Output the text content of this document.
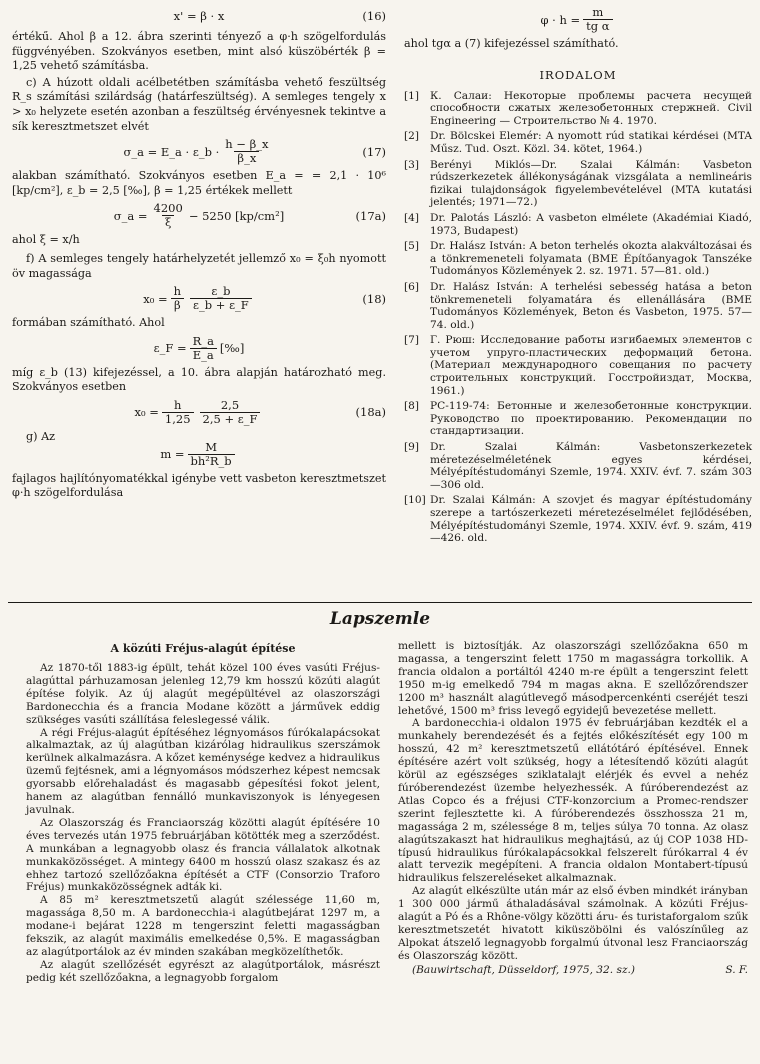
x' = β · x	(16)

értékű. Ahol β a 12. ábra szerinti tényező a φ·h szögelfordulás függvényében. Szokványos esetben, mint alsó küszöbérték β = 1,25 vehető számításba.

c) A húzott oldali acélbetétben számításba vehető feszültség R_s számítási szilárdság (határfeszültség). A semleges tengely x > x₀ helyzete esetén azonban a feszültség érvényesnek tekintve a sík keresztmetszet elvét

σ_a = E_a · ε_b · $\frac{h - \beta\_x}{\beta\_x}$	(17)

alakban számítható. Szokványos esetben E_a = = 2,1 · 10⁶ [kp/cm²], ε_b = 2,5 [‰], β = 1,25 értékek mellett

σ_a = $\frac{4200}{\xi} - 5250$ [kp/cm²]	(17a)

ahol ξ = x/h

f) A semleges tengely határhelyzetét jellemző x₀ = ξ₀h nyomott öv magassága

$x_0 = \frac{h}{\beta} \frac{\varepsilon\_b}{\varepsilon\_b + \varepsilon\_F}$	(18)

formában számítható. Ahol

ε_F = $\frac{R\_a}{E\_a}$ [‰]

míg ε_b (13) kifejezéssel, a 10. ábra alapján határozható meg. Szokványos esetben

$x_0 = \frac{h}{1,25} \frac{2,5}{2,5 + \varepsilon\_F}$	(18a)

g) Az

$m = \frac{M}{\text{bh²R\_b}}$

fajlagos hajlítónyomatékkal igénybe vett vasbeton keresztmetszet φ·h szögelfordulása

$\varphi \cdot h = \frac{m}{\text{tg α}}$

ahol tgα a (7) kifejezéssel számítható.

IRODALOM
[1]	К. Салаи: Некоторые проблемы расчета несущей способности сжатых железобетонных стержней. Civil Engineering — Строительство № 4. 1970.
[2]	Dr. Bölcskei Elemér: A nyomott rúd statikai kérdései (MTA Műsz. Tud. Oszt. Közl. 34. kötet, 1964.)
[3]	Berényi Miklós—Dr. Szalai Kálmán: Vasbeton rúdszerkezetek állékonyságának vizsgálata a nemlineáris fizikai tulajdonságok figyelembevételével (MTA kutatási jelentés; 1971—72.)
[4]	Dr. Palotás László: A vasbeton elmélete (Akadémiai Kiadó, 1973, Budapest)
[5]	Dr. Halász István: A beton terhelés okozta alakváltozásai és a tönkremeneteli folyamata (BME Építőanyagok Tanszéke Tudományos Közlemények 2. sz. 1971. 57—81. old.)
[6]	Dr. Halász István: A terhelési sebesség hatása a beton tönkremeneteli folyamatára és ellenállására (BME Tudományos Közlemények, Beton és Vasbeton, 1975. 57—74. old.)
[7]	Г. Рюш: Исследование работы изгибаемых элементов с учетом упруго-пластических деформаций бетона. (Материал международного совещания по расчету строительных конструкций. Госстройиздат, Москва, 1961.)
[8]	PC-119-74: Бетонные и железобетонные конструкции. Руководство по проектированию. Рекомендации по стандартизации.
[9]	Dr. Szalai Kálmán: Vasbetonszerkezetek méretezéselméletének egyes kérdései, Mélyépítéstudományi Szemle, 1974. XXIV. évf. 7. szám 303—306 old.
[10] Dr. Szalai Kálmán: A szovjet és magyar építéstudomány szerepe a tartószerkezeti méretezéselmélet fejlődésében, Mélyépítéstudományi Szemle, 1974. XXIV. évf. 9. szám, 419—426. old.
Lapszemle
A közúti Fréjus-alagút építése

Az 1870-től 1883-ig épült, tehát közel 100 éves vasúti Fréjus-alagúttal párhuzamosan jelenleg 12,79 km hosszú közúti alagút építése folyik. Az új alagút megépültével az olaszországi Bardonecchia és a francia Modane között a járművek eddig szükséges vasúti szállítása feleslegessé válik.

A régi Fréjus-alagút építéséhez légnyomásos fúrókalapácsokat alkalmaztak, az új alagútban kizárólag hidraulikus szerszámok kerülnek alkalmazásra. A kőzet keménysége kedvez a hidraulikus üzemű fejtésnek, ami a légnyomásos módszerhez képest nemcsak gyorsabb előrehaladást és magasabb gépesítési fokot jelent, hanem az alagútban fennálló munkaviszonyok is lényegesen javulnak.

Az Olaszország és Franciaország közötti alagút építésére 10 éves tervezés után 1975 februárjában kötötték meg a szerződést. A munkában a legnagyobb olasz és francia vállalatok alkotnak munkaközösséget. A mintegy 6400 m hosszú olasz szakasz és az ehhez tartozó szellőzőakna építését a CTF (Consorzio Traforo Fréjus) munkaközösségnek adták ki.

A 85 m² keresztmetszetű alagút szélessége 11,60 m, magassága 8,50 m. A bardonecchia-i alagútbejárat 1297 m, a modane-i bejárat 1228 m tengerszint feletti magasságban fekszik, az alagút maximális emelkedése 0,5%. E magasságban az alagútportálok az év minden szakában megközelíthetők.

Az alagút szellőzését egyrészt az alagútportálok, másrészt pedig két szellőzőakna, a legnagyobb forgalom

mellett is biztosítják. Az olaszországi szellőzőakna 650 m magassa, a tengerszint felett 1750 m magasságra torkollik. A francia oldalon a portáltól 4240 m-re épült a tengerszint felett 1950 m-ig emelkedő 794 m magas akna. E szellőzőrendszer 1200 m³ használt alagútlevegő másodpercenkénti cseréjét teszi lehetővé, 1500 m³ friss levegő egyidejű bevezetése mellett.

A bardonecchia-i oldalon 1975 év februárjában kezdték el a munkahely berendezését és a fejtés előkészítését egy 100 m hosszú, 42 m² keresztmetszetű ellátótáró építésével. Ennek építésére azért volt szükség, hogy a létesítendő közúti alagút körül az egészséges sziklatalajt elérjék és evvel a nehéz fúróberendezést üzembe helyezhessék. A fúróberendezést az Atlas Copco és a fréjusi CTF-konzorcium a Promec-rendszer szerint fejlesztette ki. A fúróberendezés összhossza 21 m, magassága 2 m, szélessége 8 m, teljes súlya 70 tonna. Az olasz alagútszakaszt hat hidraulikus meghajtású, az új COP 1038 HD-típusú hidraulikus fúrókalapácsokkal felszerelt fúrókarral 4 év alatt tervezik megépíteni. A francia oldalon Montabert-típusú hidraulikus felszereléseket alkalmaznak.

Az alagút elkészülte után már az első évben mindkét irányban 1 300 000 jármű áthaladásával számolnak. A közúti Fréjus-alagút a Pó és a Rhône-völgy közötti áru- és turistaforgalom szűk keresztmetszetét hivatott kiküszöbölni és valószínűleg az Alpokat átszelő legnagyobb forgalmú útvonal lesz Franciaország és Olaszország között.

(Bauwirtschaft, Düsseldorf, 1975, 32. sz.)	S. F.
